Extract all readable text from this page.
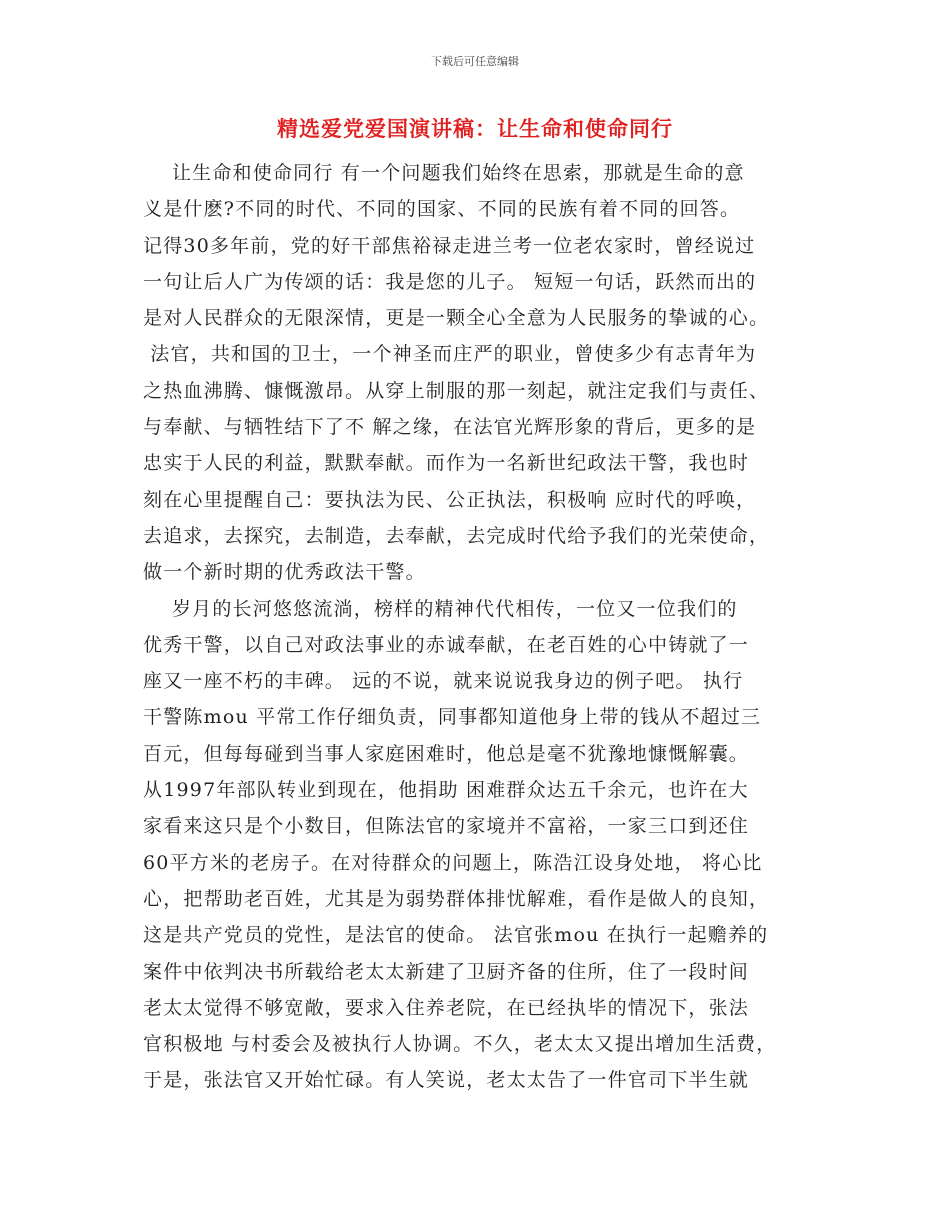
下载后可任意编辑
精选爱党爱国演讲稿：让生命和使命同行
让生命和使命同行 有一个问题我们始终在思索，那就是生命的意
义是什麽?不同的时代、不同的国家、不同的民族有着不同的回答。
记得30多年前，党的好干部焦裕禄走进兰考一位老农家时，曾经说过
一句让后人广为传颂的话：我是您的儿子。 短短一句话，跃然而出的
是对人民群众的无限深情，更是一颗全心全意为人民服务的挚诚的心。
法官，共和国的卫士，一个神圣而庄严的职业，曾使多少有志青年为
之热血沸腾、慷慨激昂。从穿上制服的那一刻起，就注定我们与责任、
与奉献、与牺牲结下了不 解之缘，在法官光辉形象的背后，更多的是
忠实于人民的利益，默默奉献。而作为一名新世纪政法干警，我也时
刻在心里提醒自己：要执法为民、公正执法，积极响 应时代的呼唤，
去追求，去探究，去制造，去奉献，去完成时代给予我们的光荣使命，
做一个新时期的优秀政法干警。
岁月的长河悠悠流淌，榜样的精神代代相传，一位又一位我们的
优秀干警，以自己对政法事业的赤诚奉献，在老百姓的心中铸就了一
座又一座不朽的丰碑。 远的不说，就来说说我身边的例子吧。 执行
干警陈mou 平常工作仔细负责，同事都知道他身上带的钱从不超过三
百元，但每每碰到当事人家庭困难时，他总是毫不犹豫地慷慨解囊。
从1997年部队转业到现在，他捐助 困难群众达五千余元，也许在大
家看来这只是个小数目，但陈法官的家境并不富裕，一家三口到还住
60平方米的老房子。在对待群众的问题上，陈浩江设身处地， 将心比
心，把帮助老百姓，尤其是为弱势群体排忧解难，看作是做人的良知，
这是共产党员的党性，是法官的使命。 法官张mou 在执行一起赡养的
案件中依判决书所载给老太太新建了卫厨齐备的住所，住了一段时间
老太太觉得不够宽敞，要求入住养老院，在已经执毕的情况下，张法
官积极地 与村委会及被执行人协调。不久，老太太又提出增加生活费，
于是，张法官又开始忙碌。有人笑说，老太太告了一件官司下半生就
